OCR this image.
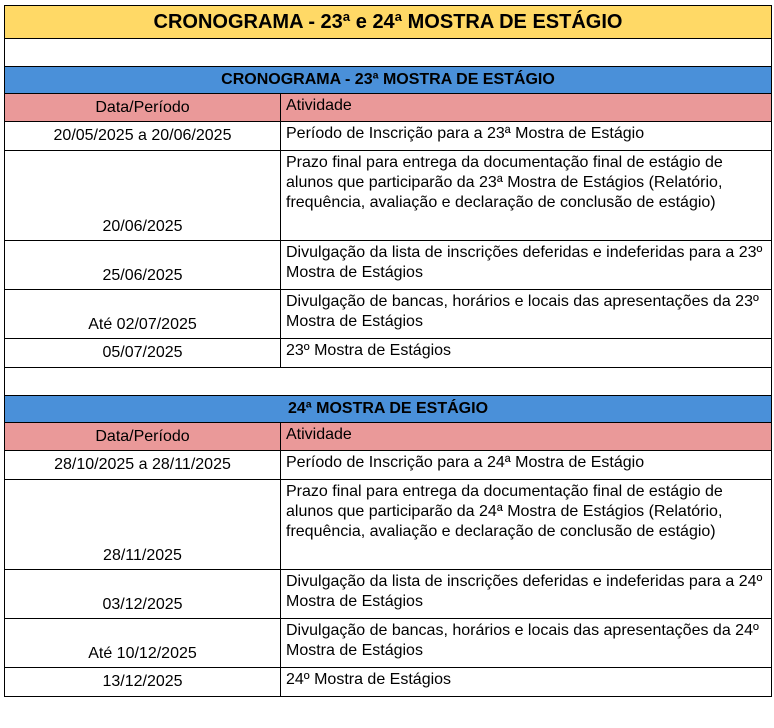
CRONOGRAMA - 23ª e 24ª MOSTRA DE ESTÁGIO	

CRONOGRAMA - 23ª MOSTRA DE ESTÁGIO	
Data/Período	Atividade
20/05/2025 a 20/06/2025	Período de Inscrição para a 23ª Mostra de Estágio
20/06/2025	Prazo final para entrega da documentação final de estágio de alunos que participarão da 23ª Mostra de Estágios (Relatório, frequência, avaliação e declaração de conclusão de estágio)
25/06/2025	Divulgação da lista de inscrições deferidas e indeferidas para a 23º Mostra de Estágios
Até 02/07/2025	Divulgação de bancas, horários e locais das apresentações da 23º Mostra de Estágios
05/07/2025	23º Mostra de Estágios

24ª MOSTRA DE ESTÁGIO	
Data/Período	Atividade
28/10/2025 a 28/11/2025	Período de Inscrição para a 24ª Mostra de Estágio
28/11/2025	Prazo final para entrega da documentação final de estágio de alunos que participarão da 24ª Mostra de Estágios (Relatório, frequência, avaliação e declaração de conclusão de estágio)
03/12/2025	Divulgação da lista de inscrições deferidas e indeferidas para a 24º Mostra de Estágios
Até 10/12/2025	Divulgação de bancas, horários e locais das apresentações da 24º Mostra de Estágios
13/12/2025	24º Mostra de Estágios
